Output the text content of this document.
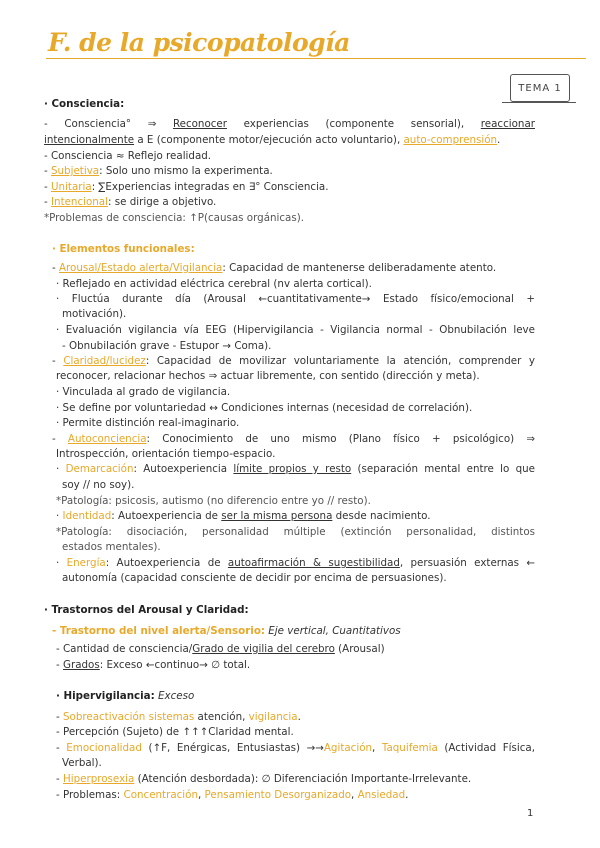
F. de la psicopatología
TEMA 1
· Consciencia:
- Consciencia° ⇒ Reconocer experiencias (componente sensorial), reaccionar
intencionalmente a E (componente motor/ejecución acto voluntario), auto-comprensión.
- Consciencia ≈ Reflejo realidad.
- Subjetiva: Solo uno mismo la experimenta.
- Unitaria: ∑Experiencias integradas en ∃° Consciencia.
- Intencional: se dirige a objetivo.
*Problemas de consciencia: ↑P(causas orgánicas).
· Elementos funcionales:
- Arousal/Estado alerta/Vigilancia: Capacidad de mantenerse deliberadamente atento.
· Reflejado en actividad eléctrica cerebral (nv alerta cortical).
· Fluctúa durante día (Arousal ←cuantitativamente→ Estado físico/emocional +
motivación).
· Evaluación vigilancia vía EEG (Hipervigilancia - Vigilancia normal - Obnubilación leve
- Obnubilación grave - Estupor → Coma).
- Claridad/lucidez: Capacidad de movilizar voluntariamente la atención, comprender y
reconocer, relacionar hechos ⇒ actuar libremente, con sentido (dirección y meta).
· Vinculada al grado de vigilancia.
· Se define por voluntariedad ↔ Condiciones internas (necesidad de correlación).
· Permite distinción real-imaginario.
- Autoconciencia: Conocimiento de uno mismo (Plano físico + psicológico) ⇒
Introspección, orientación tiempo-espacio.
· Demarcación: Autoexperiencia límite propios y resto (separación mental entre lo que
soy // no soy).
*Patología: psicosis, autismo (no diferencio entre yo // resto).
· Identidad: Autoexperiencia de ser la misma persona desde nacimiento.
*Patología: disociación, personalidad múltiple (extinción personalidad, distintos
estados mentales).
· Energía: Autoexperiencia de autoafirmación & sugestibilidad, persuasión externas ←
autonomía (capacidad consciente de decidir por encima de persuasiones).
· Trastornos del Arousal y Claridad:
- Trastorno del nivel alerta/Sensorio: Eje vertical, Cuantitativos
- Cantidad de consciencia/Grado de vigilia del cerebro (Arousal)
- Grados: Exceso ←continuo→ ∅ total.
· Hipervigilancia: Exceso
- Sobreactivación sistemas atención, vigilancia.
- Percepción (Sujeto) de ↑↑↑Claridad mental.
- Emocionalidad (↑F, Enérgicas, Entusiastas) →→Agitación, Taquifemia (Actividad Física,
Verbal).
- Hiperprosexia (Atención desbordada): ∅ Diferenciación Importante-Irrelevante.
- Problemas: Concentración, Pensamiento Desorganizado, Ansiedad.
1
